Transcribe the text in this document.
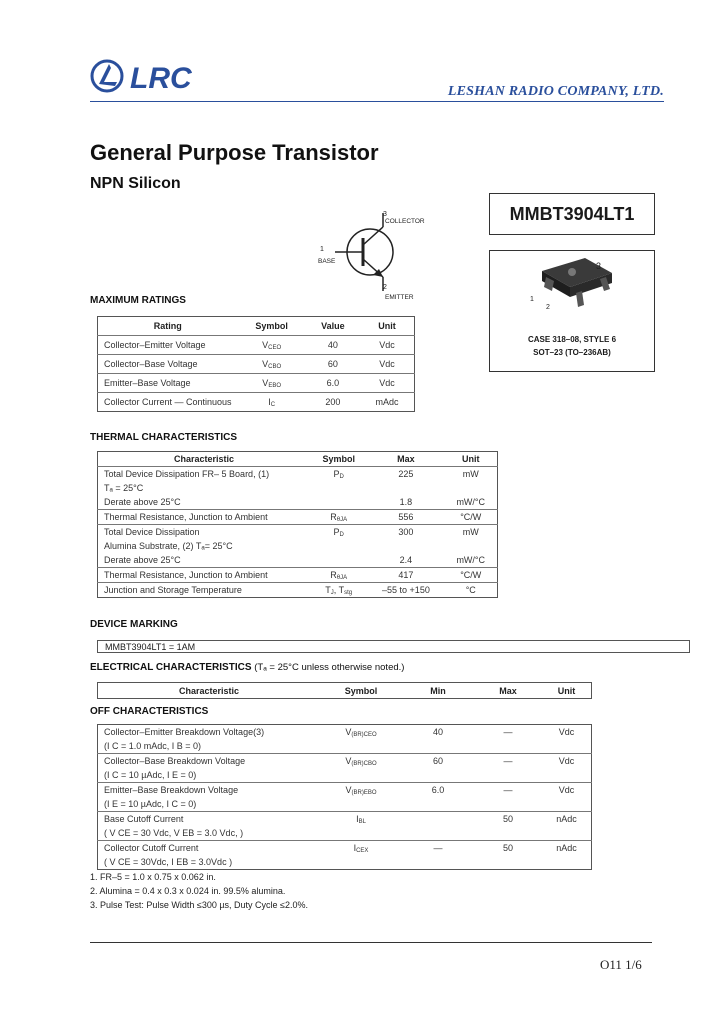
LRC	LESHAN RADIO COMPANY, LTD.
General Purpose Transistor
NPN Silicon
3
COLLECTOR
1
BASE
2
EMITTER
MMBT3904LT1
3
1
2
CASE 318–08, STYLE 6
SOT–23 (TO–236AB)
MAXIMUM RATINGS
Rating	Symbol	Value	Unit
Collector–Emitter Voltage	VCEO	40	Vdc
Collector–Base Voltage	VCBO	60	Vdc
Emitter–Base Voltage	VEBO	6.0	Vdc
Collector Current — Continuous	IC	200	mAdc
THERMAL CHARACTERISTICS
Characteristic	Symbol	Max	Unit
Total Device Dissipation FR– 5 Board, (1)	PD	225	mW
Tₐ = 25°C			
Derate above 25°C		1.8	mW/°C
Thermal Resistance, Junction to Ambient	RθJA	556	°C/W
Total Device Dissipation	PD	300	mW
Alumina Substrate, (2) Tₐ= 25°C			
Derate above 25°C		2.4	mW/°C
Thermal Resistance, Junction to Ambient	RθJA	417	°C/W
Junction and Storage Temperature	TJ, Tstg	–55 to +150	°C
DEVICE MARKING
MMBT3904LT1 = 1AM
ELECTRICAL CHARACTERISTICS (Tₐ = 25°C unless otherwise noted.)
Characteristic	Symbol	Min	Max	Unit
OFF CHARACTERISTICS
Collector–Emitter Breakdown Voltage(3)	V(BR)CEO	40	—	Vdc
(I C = 1.0 mAdc, I B = 0)				
Collector–Base Breakdown Voltage	V(BR)CBO	60	—	Vdc
(I C = 10 µAdc, I E = 0)				
Emitter–Base Breakdown Voltage	V(BR)EBO	6.0	—	Vdc
(I E = 10 µAdc, I C = 0)				
Base Cutoff Current	IBL		50	nAdc
( V CE = 30 Vdc, V EB = 3.0 Vdc, )				
Collector Cutoff Current	ICEX	—	50	nAdc
( V CE = 30Vdc, I EB = 3.0Vdc )				
1. FR–5 = 1.0 x 0.75 x 0.062 in.
2. Alumina = 0.4 x 0.3 x 0.024 in. 99.5% alumina.
3. Pulse Test: Pulse Width ≤300 µs, Duty Cycle ≤2.0%.
O11 1/6
